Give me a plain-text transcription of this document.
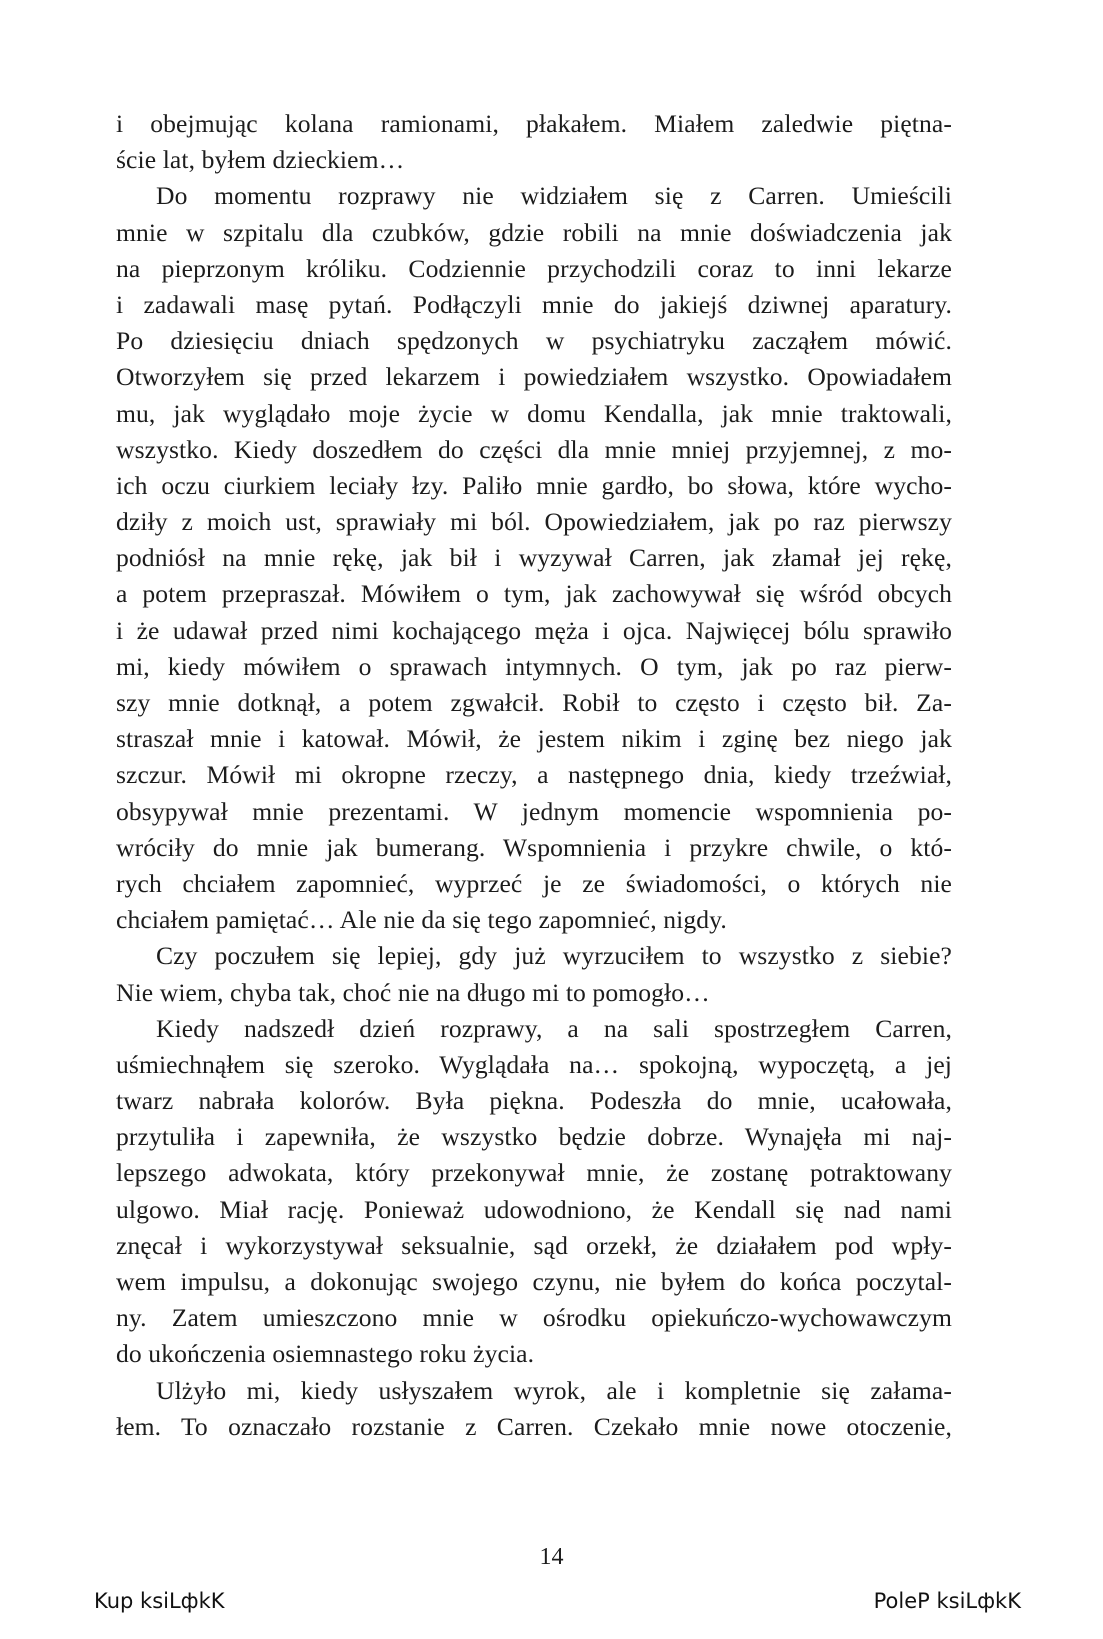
i obejmując kolana ramionami, płakałem. Miałem zaledwie piętna-
ście lat, byłem dzieckiem…
Do momentu rozprawy nie widziałem się z Carren. Umieścili
mnie w szpitalu dla czubków, gdzie robili na mnie doświadczenia jak
na pieprzonym króliku. Codziennie przychodzili coraz to inni lekarze
i zadawali masę pytań. Podłączyli mnie do jakiejś dziwnej aparatury.
Po dziesięciu dniach spędzonych w psychiatryku zacząłem mówić.
Otworzyłem się przed lekarzem i powiedziałem wszystko. Opowiadałem
mu, jak wyglądało moje życie w domu Kendalla, jak mnie traktowali,
wszystko. Kiedy doszedłem do części dla mnie mniej przyjemnej, z mo-
ich oczu ciurkiem leciały łzy. Paliło mnie gardło, bo słowa, które wycho-
dziły z moich ust, sprawiały mi ból. Opowiedziałem, jak po raz pierwszy
podniósł na mnie rękę, jak bił i wyzywał Carren, jak złamał jej rękę,
a potem przepraszał. Mówiłem o tym, jak zachowywał się wśród obcych
i że udawał przed nimi kochającego męża i ojca. Najwięcej bólu sprawiło
mi, kiedy mówiłem o sprawach intymnych. O tym, jak po raz pierw-
szy mnie dotknął, a potem zgwałcił. Robił to często i często bił. Za-
straszał mnie i katował. Mówił, że jestem nikim i zginę bez niego jak
szczur. Mówił mi okropne rzeczy, a następnego dnia, kiedy trzeźwiał,
obsypywał mnie prezentami. W jednym momencie wspomnienia po-
wróciły do mnie jak bumerang. Wspomnienia i przykre chwile, o któ-
rych chciałem zapomnieć, wyprzeć je ze świadomości, o których nie
chciałem pamiętać… Ale nie da się tego zapomnieć, nigdy.
Czy poczułem się lepiej, gdy już wyrzuciłem to wszystko z siebie?
Nie wiem, chyba tak, choć nie na długo mi to pomogło…
Kiedy nadszedł dzień rozprawy, a na sali spostrzegłem Carren,
uśmiechnąłem się szeroko. Wyglądała na… spokojną, wypoczętą, a jej
twarz nabrała kolorów. Była piękna. Podeszła do mnie, ucałowała,
przytuliła i zapewniła, że wszystko będzie dobrze. Wynajęła mi naj-
lepszego adwokata, który przekonywał mnie, że zostanę potraktowany
ulgowo. Miał rację. Ponieważ udowodniono, że Kendall się nad nami
znęcał i wykorzystywał seksualnie, sąd orzekł, że działałem pod wpły-
wem impulsu, a dokonując swojego czynu, nie byłem do końca poczytal-
ny. Zatem umieszczono mnie w ośrodku opiekuńczo-wychowawczym
do ukończenia osiemnastego roku życia.
Ulżyło mi, kiedy usłyszałem wyrok, ale i kompletnie się załama-
łem. To oznaczało rozstanie z Carren. Czekało mnie nowe otoczenie,
14
Kup ksiLфkK	PoleP ksiLфkK
